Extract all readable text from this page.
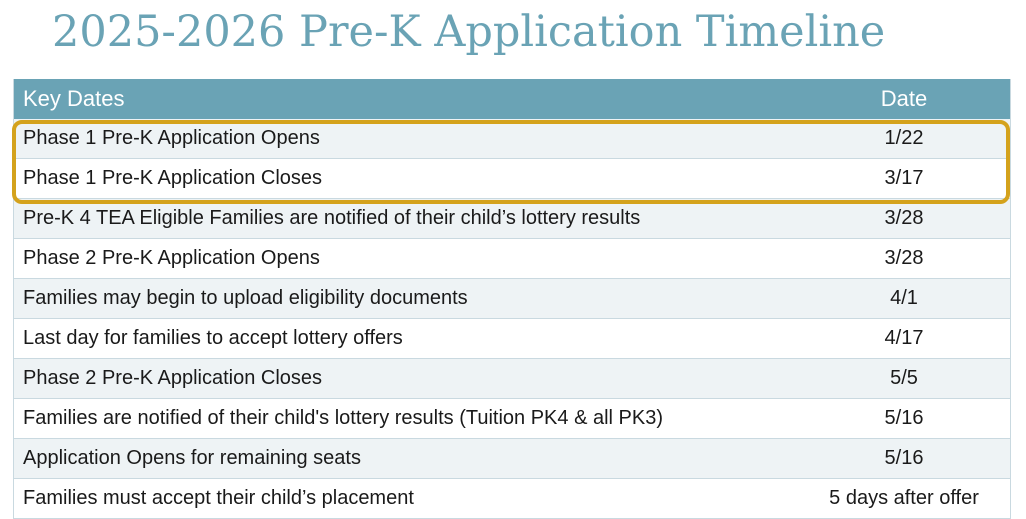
2025-2026 Pre-K Application Timeline
Key Dates	Date
Phase 1 Pre-K Application Opens	1/22
Phase 1 Pre-K Application Closes	3/17
Pre-K 4 TEA Eligible Families are notified of their child’s lottery results	3/28
Phase 2 Pre-K Application Opens	3/28
Families may begin to upload eligibility documents	4/1
Last day for families to accept lottery offers	4/17
Phase 2 Pre-K Application Closes	5/5
Families are notified of their child's lottery results (Tuition PK4 & all PK3)	5/16
Application Opens for remaining seats	5/16
Families must accept their child’s placement	5 days after offer
